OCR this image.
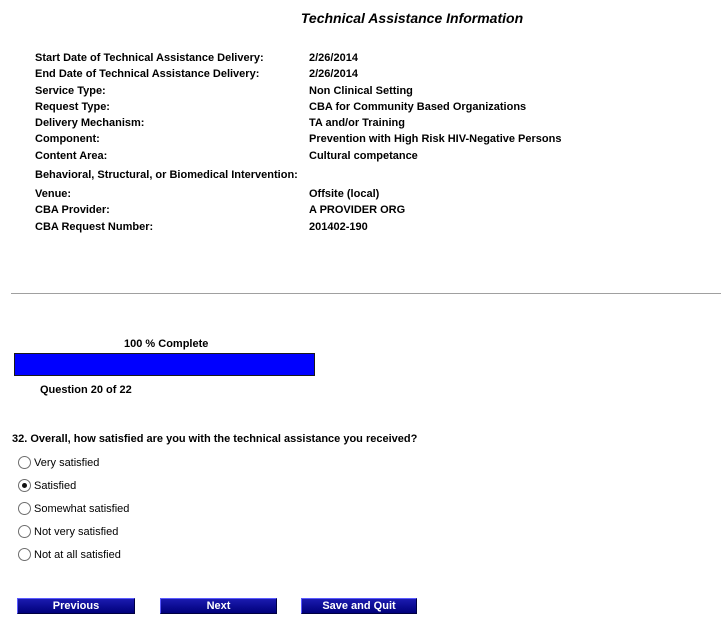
Technical Assistance Information
Start Date of Technical Assistance Delivery:	2/26/2014
End Date of Technical Assistance Delivery:	2/26/2014
Service Type:	Non Clinical Setting
Request Type:	CBA for Community Based Organizations
Delivery Mechanism:	TA and/or Training
Component:	Prevention with High Risk HIV-Negative Persons
Content Area:	Cultural competance
Behavioral, Structural, or Biomedical Intervention:
Venue:	Offsite (local)
CBA Provider:	A PROVIDER ORG
CBA Request Number:	201402-190
100 % Complete
Question 20 of 22
32. Overall, how satisfied are you with the technical assistance you received?
Very satisfied
Satisfied
Somewhat satisfied
Not very satisfied
Not at all satisfied
Previous	Next	Save and Quit
